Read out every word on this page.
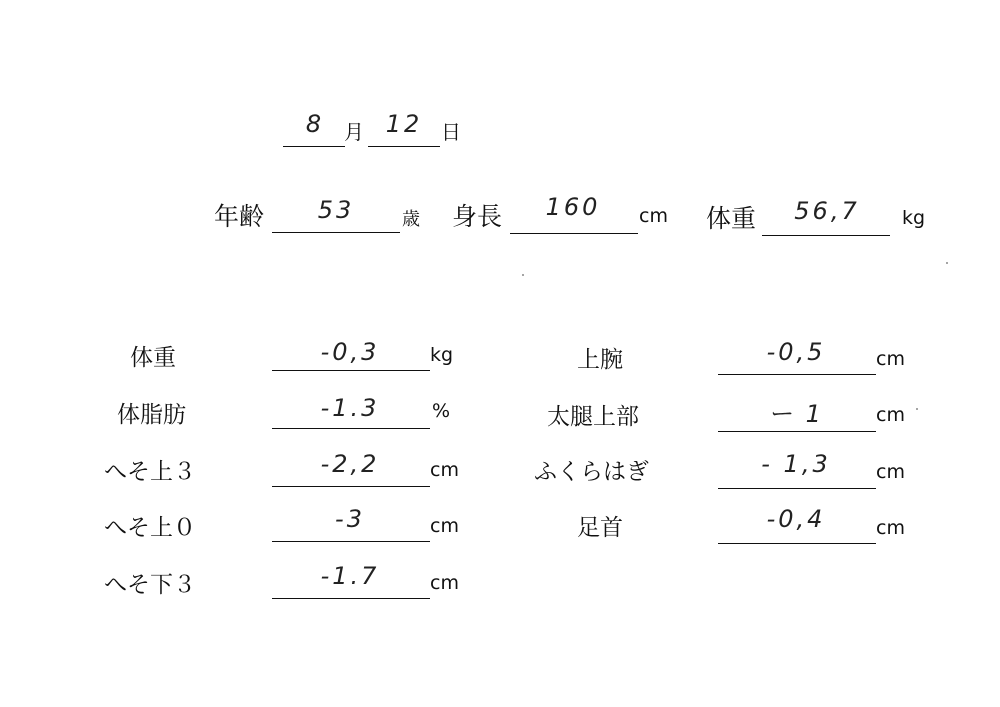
8 月 12 日
年齢	53	歳 身長	160	cm 体重	56,7	kg
体重	-0,3	kg
体脂肪	-1.3	%
へそ上３	-2,2	cm
へそ上０	-3	cm
へそ下３	-1.7	cm
上腕	-0,5	cm
太腿上部	ー 1	cm
ふくらはぎ	- 1,3	cm
足首	-0,4	cm
